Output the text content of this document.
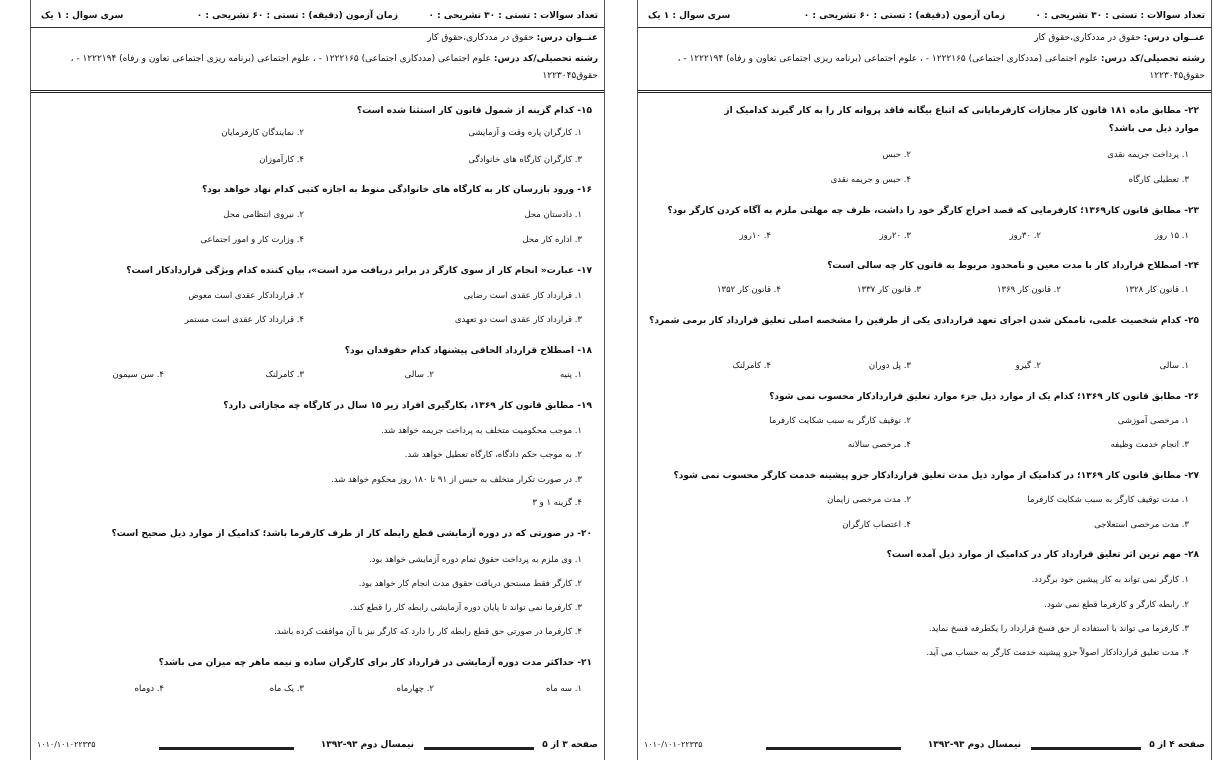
تعداد سوالات : تستی : ۳۰ تشریحی : ۰
زمان آزمون (دقیقه) : تستی : ۶۰ تشریحی : ۰
سری سوال : ۱ یک
عنــوان درس: حقوق در مددکاری،حقوق کار
رشته تحصیلی/کد درس: علوم اجتماعی (مددکاری اجتماعی) ۱۲۲۲۱۶۵ - ، علوم اجتماعی (برنامه ریزی اجتماعی تعاون و رفاه) ۱۲۲۲۱۹۴ - ، حقوق۱۲۲۳۰۴۵
۱۵- کدام گزینه از شمول قانون کار استثنا شده است؟
۱. کارگران پاره وقت و آزمایشی
۲. نمایندگان کارفرمایان
۳. کارگران کارگاه های خانوادگی
۴. کارآموزان
۱۶- ورود بازرسان کار به کارگاه های خانوادگی منوط به اجازه کتبی کدام نهاد خواهد بود؟
۱. دادستان محل
۲. نیروی انتظامی محل
۳. اداره کار محل
۴. وزارت کار و امور اجتماعی
۱۷- عبارت« انجام کار از سوی کارگر در برابر دریافت مزد است»، بیان کننده کدام ویژگی قراردادکار است؟
۱. قرارداد کار عقدی است رضایی
۲. قراردادکار عقدی است معوض
۳. قرارداد کار عقدی است دو تعهدی
۴. قرارداد کار عقدی است مستمر
۱۸- اصطلاح قرارداد الحاقی پیشنهاد کدام حقوقدان بود؟
۱. پنیه
۲. سالی
۳. کامرلنک
۴. سن سیمون
۱۹- مطابق قانون کار ۱۳۶۹، بکارگیری افراد زیر ۱۵ سال در کارگاه چه مجازاتی دارد؟
۱. موجب محکومیت متخلف به پرداخت جریمه خواهد شد.
۲. به موجب حکم دادگاه، کارگاه تعطیل خواهد شد.
۳. در صورت تکرار متخلف به حبس از ۹۱ تا ۱۸۰ روز محکوم خواهد شد.
۴. گزینه ۱ و ۳
۲۰- در صورتی که در دوره آزمایشی قطع رابطه کار از طرف کارفرما باشد؛ کدامیک از موارد ذیل صحیح است؟
۱. وی ملزم به پرداخت حقوق تمام دوره آزمایشی خواهد بود.
۲. کارگر فقط مستحق دریافت حقوق مدت انجام کار خواهد بود.
۳. کارفرما نمی تواند تا پایان دوره آزمایشی رابطه کار را قطع کند.
۴. کارفرما در صورتی حق قطع رابطه کار را دارد که کارگر نیز با آن موافقت کرده باشد.
۲۱- حداکثر مدت دوره آزمایشی در قرارداد کار برای کارگران ساده و نیمه ماهر چه میزان می باشد؟
۱. سه ماه
۲. چهارماه
۳. یک ماه
۴. دوماه
صفحه ۳ از ۵
نیمسال دوم ۹۳-۱۳۹۲
۱۰۱۰/۱۰۱۰۲۲۳۳۵
تعداد سوالات : تستی : ۳۰ تشریحی : ۰
زمان آزمون (دقیقه) : تستی : ۶۰ تشریحی : ۰
سری سوال : ۱ یک
عنــوان درس: حقوق در مددکاری،حقوق کار
رشته تحصیلی/کد درس: علوم اجتماعی (مددکاری اجتماعی) ۱۲۲۲۱۶۵ - ، علوم اجتماعی (برنامه ریزی اجتماعی تعاون و رفاه) ۱۲۲۲۱۹۴ - ، حقوق۱۲۲۳۰۴۵
۲۲- مطابق ماده ۱۸۱ قانون کار مجازات کارفرمایانی که اتباع بیگانه فاقد پروانه کار را به کار گیرند کدامیک از موارد ذیل می باشد؟
۱. پرداخت جریمه نقدی
۲. حبس
۳. تعطیلی کارگاه
۴. حبس و جریمه نقدی
۲۳- مطابق قانون کار۱۳۶۹؛ کارفرمایی که قصد اخراج کارگر خود را داشت، ظرف چه مهلتی ملزم به آگاه کردن کارگر بود؟
۱. ۱۵ روز
۲. ۳۰روز
۳. ۲۰روز
۴. ۱۰روز
۲۴- اصطلاح قرارداد کار با مدت معین و نامحدود مربوط به قانون کار چه سالی است؟
۱. قانون کار ۱۳۲۸
۲. قانون کار ۱۳۶۹
۳. قانون کار ۱۳۳۷
۴. قانون کار ۱۳۵۲
۲۵- کدام شخصیت علمی، ناممکن شدن اجرای تعهد قراردادی یکی از طرفین را مشخصه اصلی تعلیق قرارداد کار برمی شمرد؟
۱. سالی
۲. گیرو
۳. پل دوران
۴. کامرلنک
۲۶- مطابق قانون کار ۱۳۶۹؛ کدام یک از موارد ذیل جزء موارد تعلیق قراردادکار محسوب نمی شود؟
۱. مرخصی آموزشی
۲. توقیف کارگر به سبب شکایت کارفرما
۳. انجام خدمت وظیفه
۴. مرخصی سالانه
۲۷- مطابق قانون کار ۱۳۶۹؛ در کدامیک از موارد ذیل مدت تعلیق قراردادکار جزو پیشینه خدمت کارگر محسوب نمی شود؟
۱. مدت توقیف کارگر به سبب شکایت کارفرما
۲. مدت مرخصی زایمان
۳. مدت مرخصی استعلاجی
۴. اعتصاب کارگران
۲۸- مهم ترین اثر تعلیق قرارداد کار در کدامیک از موارد ذیل آمده است؟
۱. کارگر نمی تواند به کار پیشین خود برگردد.
۲. رابطه کارگر و کارفرما قطع نمی شود.
۳. کارفرما می تواند با استفاده از حق فسخ قرارداد را یکطرفه فسخ نماید.
۴. مدت تعلیق قراردادکار اصولاً جزو پیشینه خدمت کارگر به حساب می آید.
صفحه ۴ از ۵
نیمسال دوم ۹۳-۱۳۹۲
۱۰۱۰/۱۰۱۰۲۲۳۳۵
